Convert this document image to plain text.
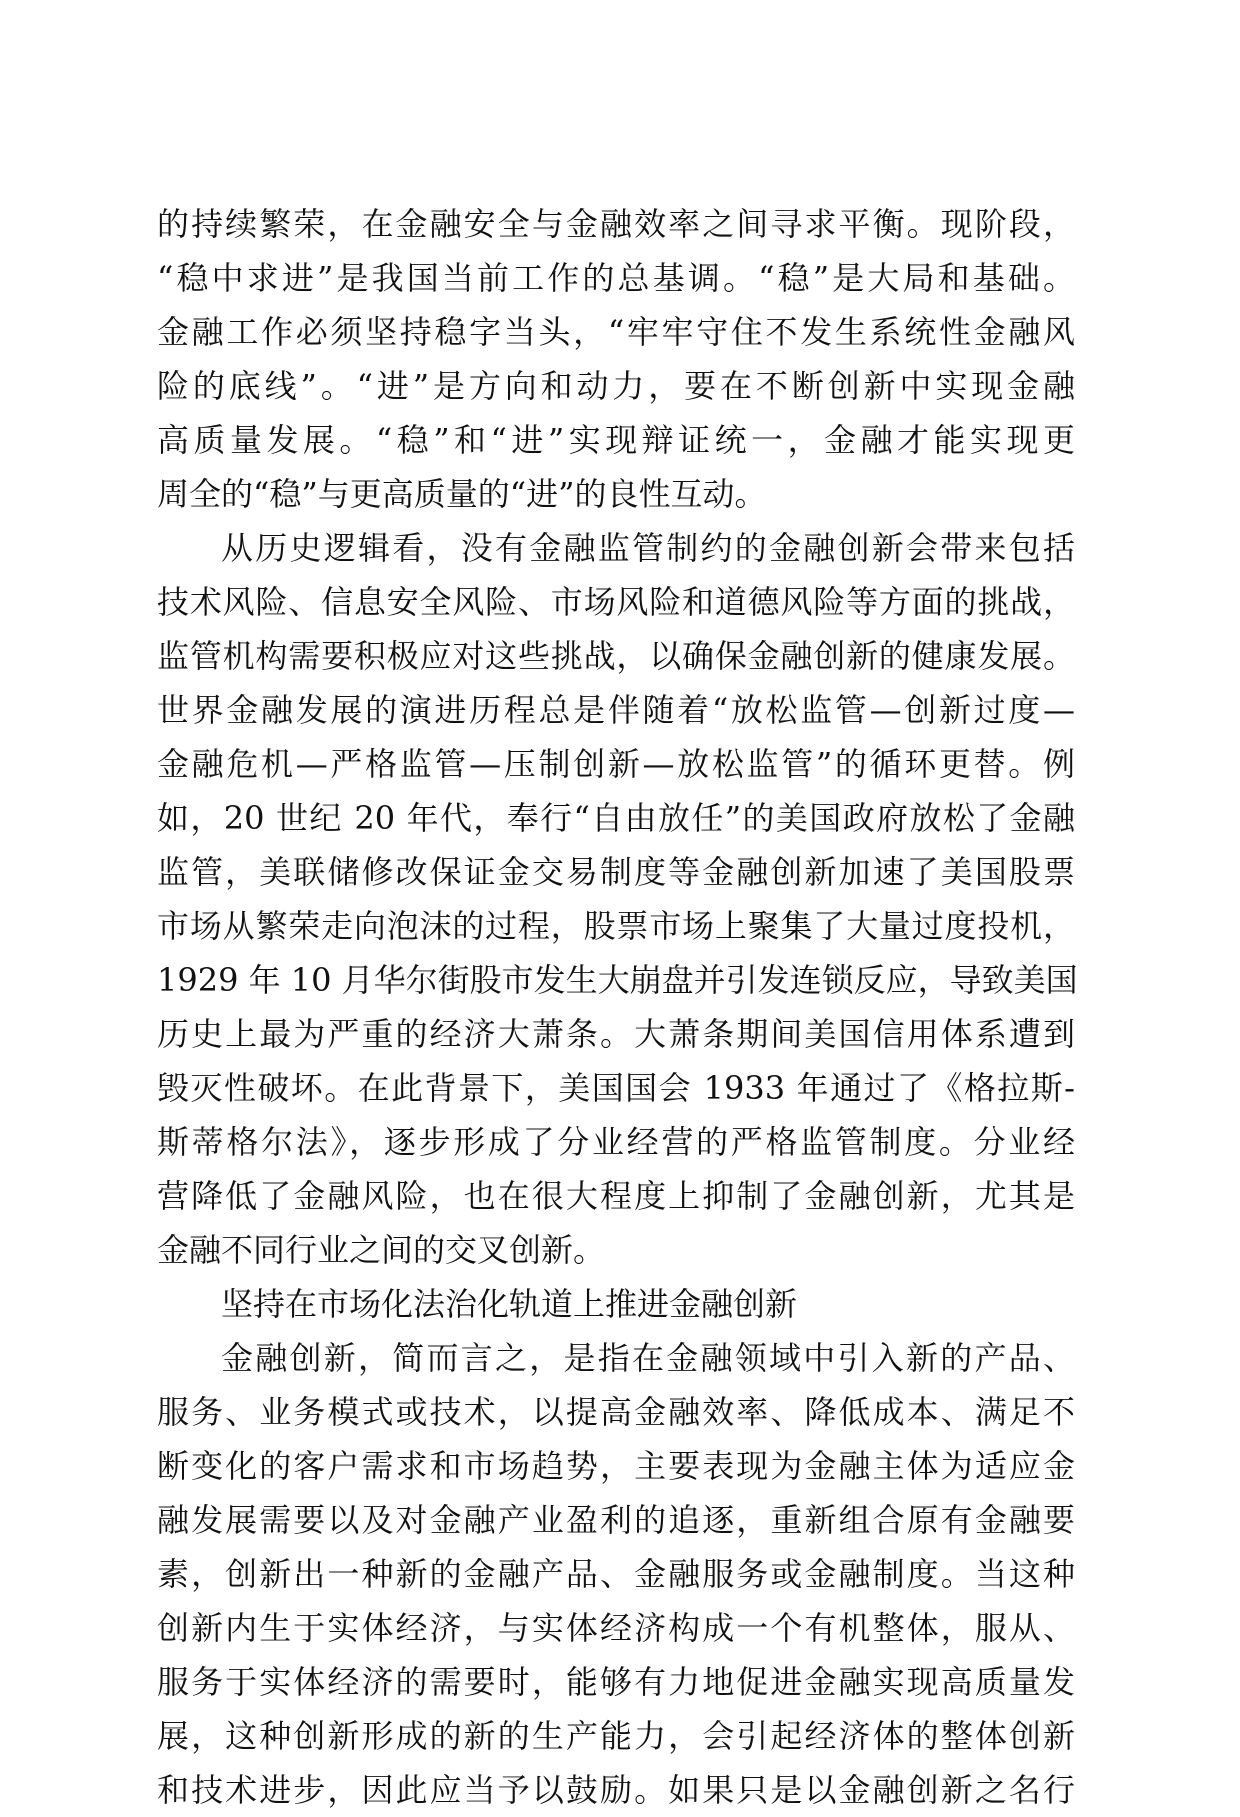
的持续繁荣，在金融安全与金融效率之间寻求平衡。现阶段，
“稳中求进”是我国当前工作的总基调。“稳”是大局和基础。
金融工作必须坚持稳字当头，“牢牢守住不发生系统性金融风
险的底线”。“进”是方向和动力，要在不断创新中实现金融
高质量发展。“稳”和“进”实现辩证统一，金融才能实现更
周全的“稳”与更高质量的“进”的良性互动。
从历史逻辑看，没有金融监管制约的金融创新会带来包括
技术风险、信息安全风险、市场风险和道德风险等方面的挑战，
监管机构需要积极应对这些挑战，以确保金融创新的健康发展。
世界金融发展的演进历程总是伴随着“放松监管—创新过度—
金融危机—严格监管—压制创新—放松监管”的循环更替。例
如，20 世纪 20 年代，奉行“自由放任”的美国政府放松了金融
监管，美联储修改保证金交易制度等金融创新加速了美国股票
市场从繁荣走向泡沫的过程，股票市场上聚集了大量过度投机，
1929 年 10 月华尔街股市发生大崩盘并引发连锁反应，导致美国
历史上最为严重的经济大萧条。大萧条期间美国信用体系遭到
毁灭性破坏。在此背景下，美国国会 1933 年通过了《格拉斯-
斯蒂格尔法》，逐步形成了分业经营的严格监管制度。分业经
营降低了金融风险，也在很大程度上抑制了金融创新，尤其是
金融不同行业之间的交叉创新。
坚持在市场化法治化轨道上推进金融创新
金融创新，简而言之，是指在金融领域中引入新的产品、
服务、业务模式或技术，以提高金融效率、降低成本、满足不
断变化的客户需求和市场趋势，主要表现为金融主体为适应金
融发展需要以及对金融产业盈利的追逐，重新组合原有金融要
素，创新出一种新的金融产品、金融服务或金融制度。当这种
创新内生于实体经济，与实体经济构成一个有机整体，服从、
服务于实体经济的需要时，能够有力地促进金融实现高质量发
展，这种创新形成的新的生产能力，会引起经济体的整体创新
和技术进步，因此应当予以鼓励。如果只是以金融创新之名行
